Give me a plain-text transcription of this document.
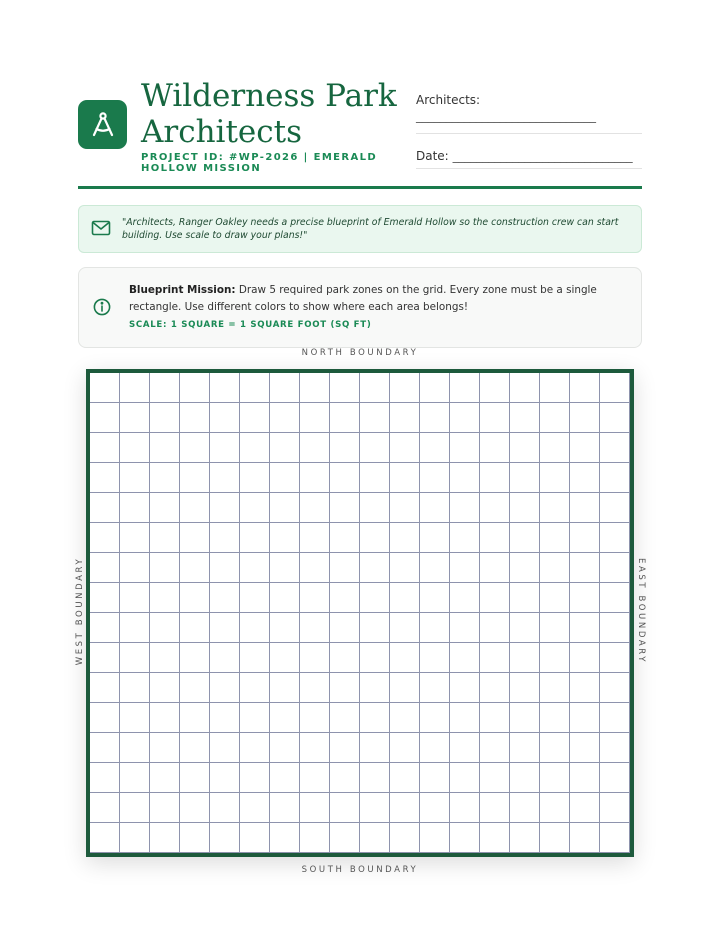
Wilderness Park Architects
PROJECT ID: #WP-2026 | EMERALD HOLLOW MISSION
Architects:
______________________________
Date: ______________________________
"Architects, Ranger Oakley needs a precise blueprint of Emerald Hollow so the construction crew can start building. Use scale to draw your plans!"
Blueprint Mission: Draw 5 required park zones on the grid. Every zone must be a single rectangle. Use different colors to show where each area belongs!
SCALE: 1 SQUARE = 1 SQUARE FOOT (SQ FT)
NORTH BOUNDARY
WEST BOUNDARY	EAST BOUNDARY
SOUTH BOUNDARY
